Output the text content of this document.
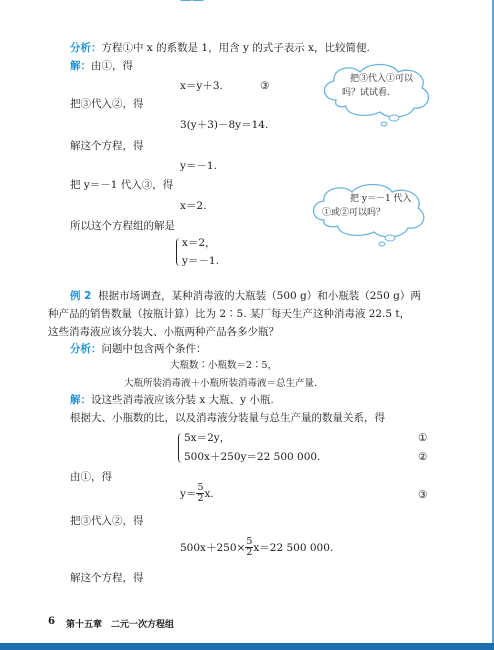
——
分析：方程①中 x 的系数是 1，用含 y 的式子表示 x，比较简便.
解：由①，得
x＝y＋3.	③
把③代入②，得
3(y＋3)－8y＝14.
解这个方程，得
y＝－1.
把 y＝－1 代入③，得
x＝2.
所以这个方程组的解是
x＝2，
y＝－1.
把③代入①可以
吗？试试看.
把 y＝－1 代入
①或②可以吗？
例 2 根据市场调查，某种消毒液的大瓶装（500 g）和小瓶装（250 g）两
种产品的销售数量（按瓶计算）比为 2∶5. 某厂每天生产这种消毒液 22.5 t，
这些消毒液应该分装大、小瓶两种产品各多少瓶？
分析：问题中包含两个条件：
大瓶数∶小瓶数＝2∶5，
大瓶所装消毒液＋小瓶所装消毒液＝总生产量.
解：设这些消毒液应该分装 x 大瓶、y 小瓶.
根据大、小瓶数的比，以及消毒液分装量与总生产量的数量关系，得
5x＝2y，	①
500x＋250y＝22 500 000.	②
由①，得
$y= \frac{5}{2} x$.	③
把③代入②，得
$500x+250\times \frac{5}{2} x=22$ 500 000.
解这个方程，得
6 第十五章　二元一次方程组
